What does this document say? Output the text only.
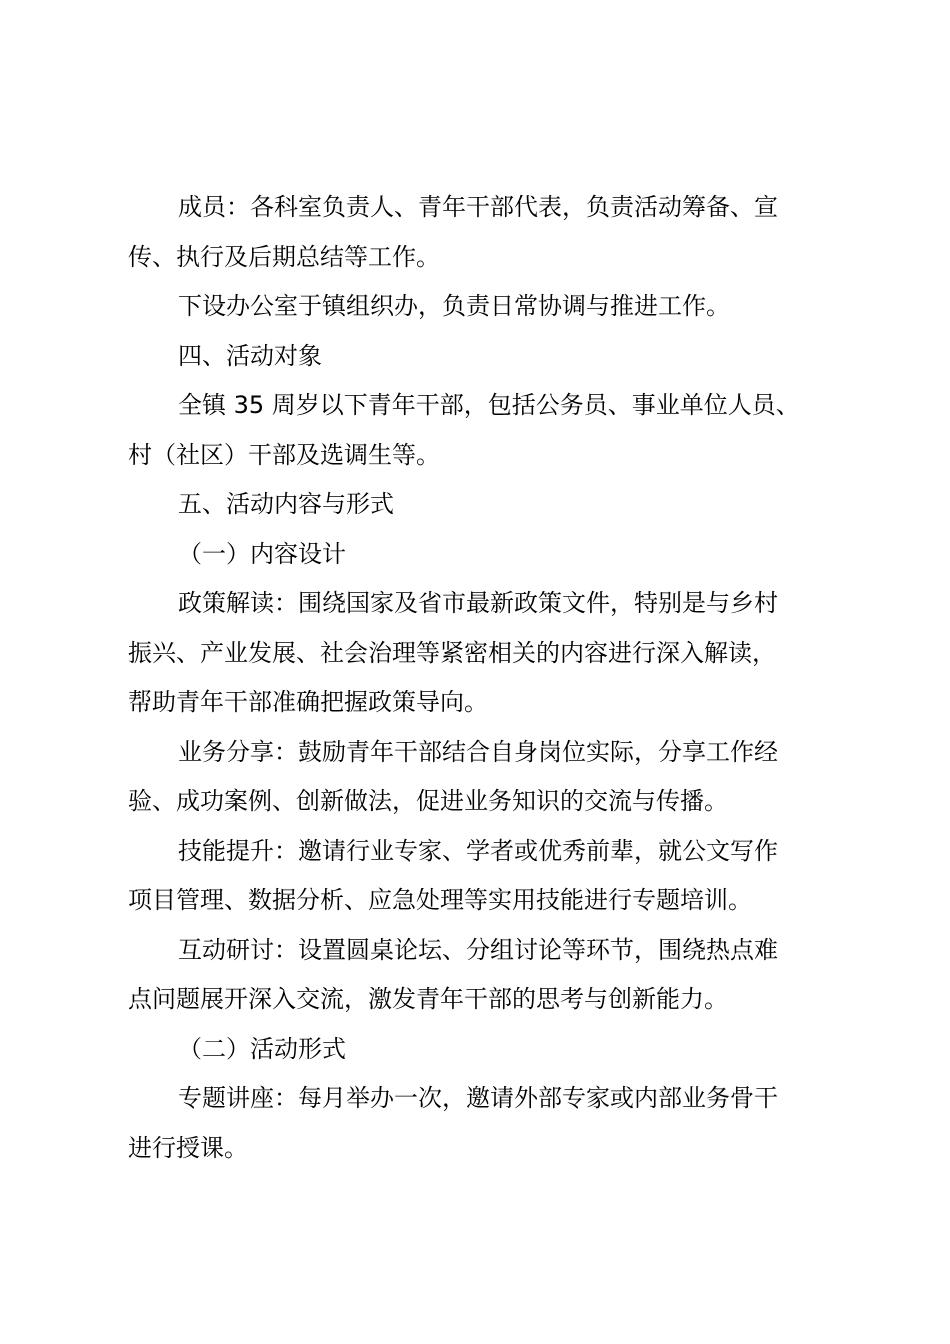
成员：各科室负责人、青年干部代表，负责活动筹备、宣
传、执行及后期总结等工作。

下设办公室于镇组织办，负责日常协调与推进工作。

四、活动对象

全镇 35 周岁以下青年干部，包括公务员、事业单位人员、
村（社区）干部及选调生等。

五、活动内容与形式

（一）内容设计

政策解读：围绕国家及省市最新政策文件，特别是与乡村
振兴、产业发展、社会治理等紧密相关的内容进行深入解读，
帮助青年干部准确把握政策导向。

业务分享：鼓励青年干部结合自身岗位实际，分享工作经
验、成功案例、创新做法，促进业务知识的交流与传播。

技能提升：邀请行业专家、学者或优秀前辈，就公文写作
项目管理、数据分析、应急处理等实用技能进行专题培训。

互动研讨：设置圆桌论坛、分组讨论等环节，围绕热点难
点问题展开深入交流，激发青年干部的思考与创新能力。

（二）活动形式

专题讲座：每月举办一次，邀请外部专家或内部业务骨干
进行授课。
